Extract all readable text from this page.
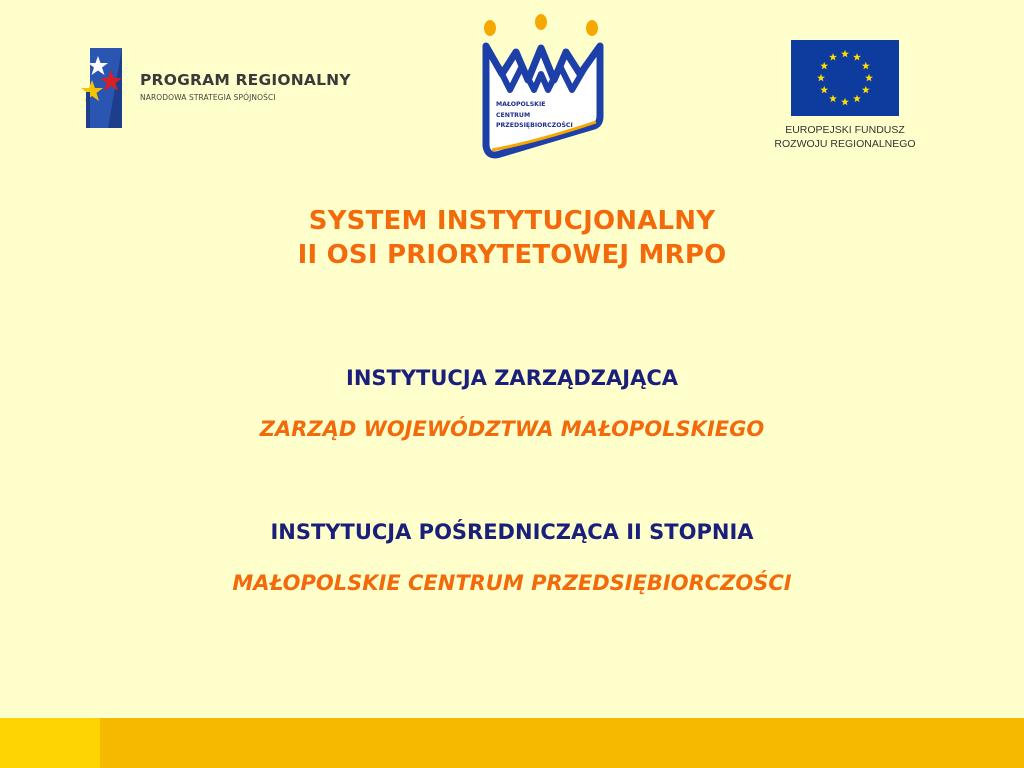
PROGRAM REGIONALNY
NARODOWA STRATEGIA SPÓJNOŚCI
MAŁOPOLSKIE
CENTRUM
PRZEDSIĘBIORCZOŚCI	EUROPEJSKI FUNDUSZ
ROZWOJU REGIONALNEGO
SYSTEM INSTYTUCJONALNY
II OSI PRIORYTETOWEJ MRPO
INSTYTUCJA ZARZĄDZAJĄCA
ZARZĄD WOJEWÓDZTWA MAŁOPOLSKIEGO
INSTYTUCJA POŚREDNICZĄCA II STOPNIA
MAŁOPOLSKIE CENTRUM PRZEDSIĘBIORCZOŚCI
